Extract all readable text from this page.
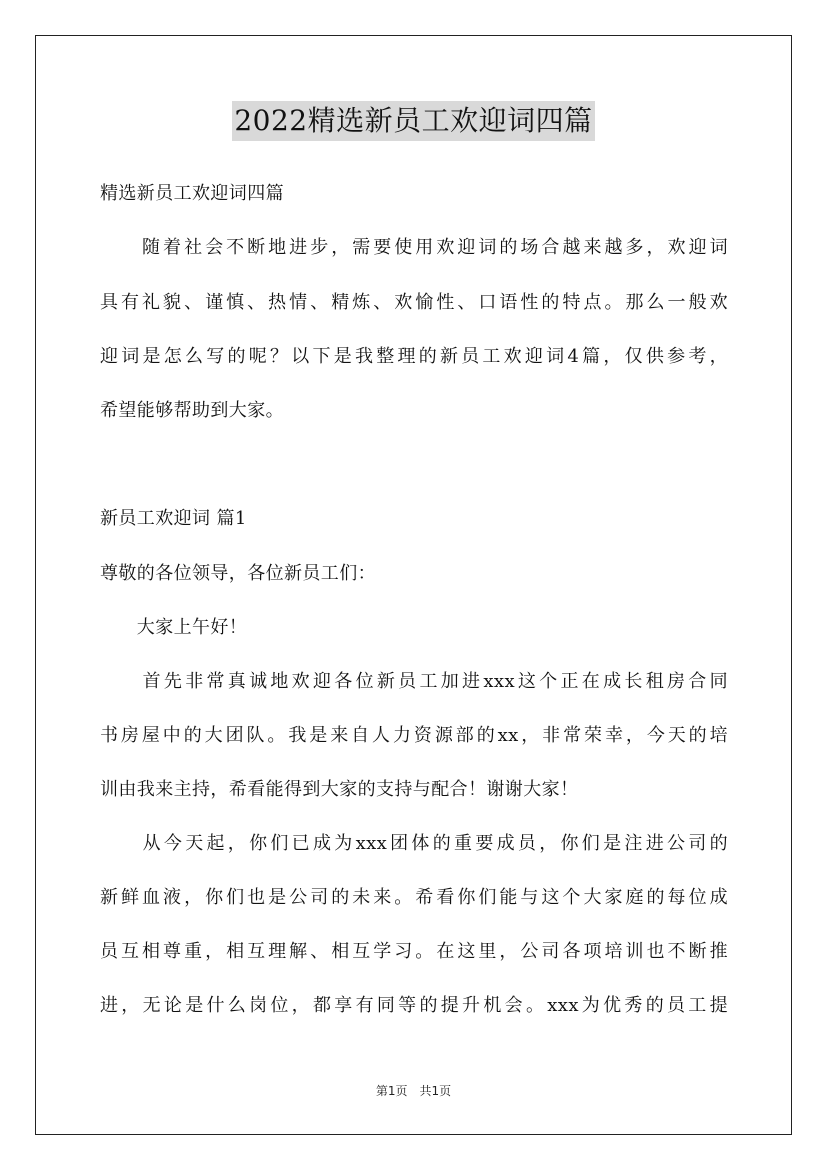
2022精选新员工欢迎词四篇

精选新员工欢迎词四篇

　　随着社会不断地进步，需要使用欢迎词的场合越来越多，欢迎词

具有礼貌、谨慎、热情、精炼、欢愉性、口语性的特点。那么一般欢

迎词是怎么写的呢？以下是我整理的新员工欢迎词4篇，仅供参考，

希望能够帮助到大家。

新员工欢迎词 篇1

尊敬的各位领导，各位新员工们：

　　大家上午好！

　　首先非常真诚地欢迎各位新员工加进xxx这个正在成长租房合同

书房屋中的大团队。我是来自人力资源部的xx，非常荣幸，今天的培

训由我来主持，希看能得到大家的支持与配合！谢谢大家！

　　从今天起，你们已成为xxx团体的重要成员，你们是注进公司的

新鲜血液，你们也是公司的未来。希看你们能与这个大家庭的每位成

员互相尊重，相互理解、相互学习。在这里，公司各项培训也不断推

进，无论是什么岗位，都享有同等的提升机会。xxx为优秀的员工提

第1页　共1页
